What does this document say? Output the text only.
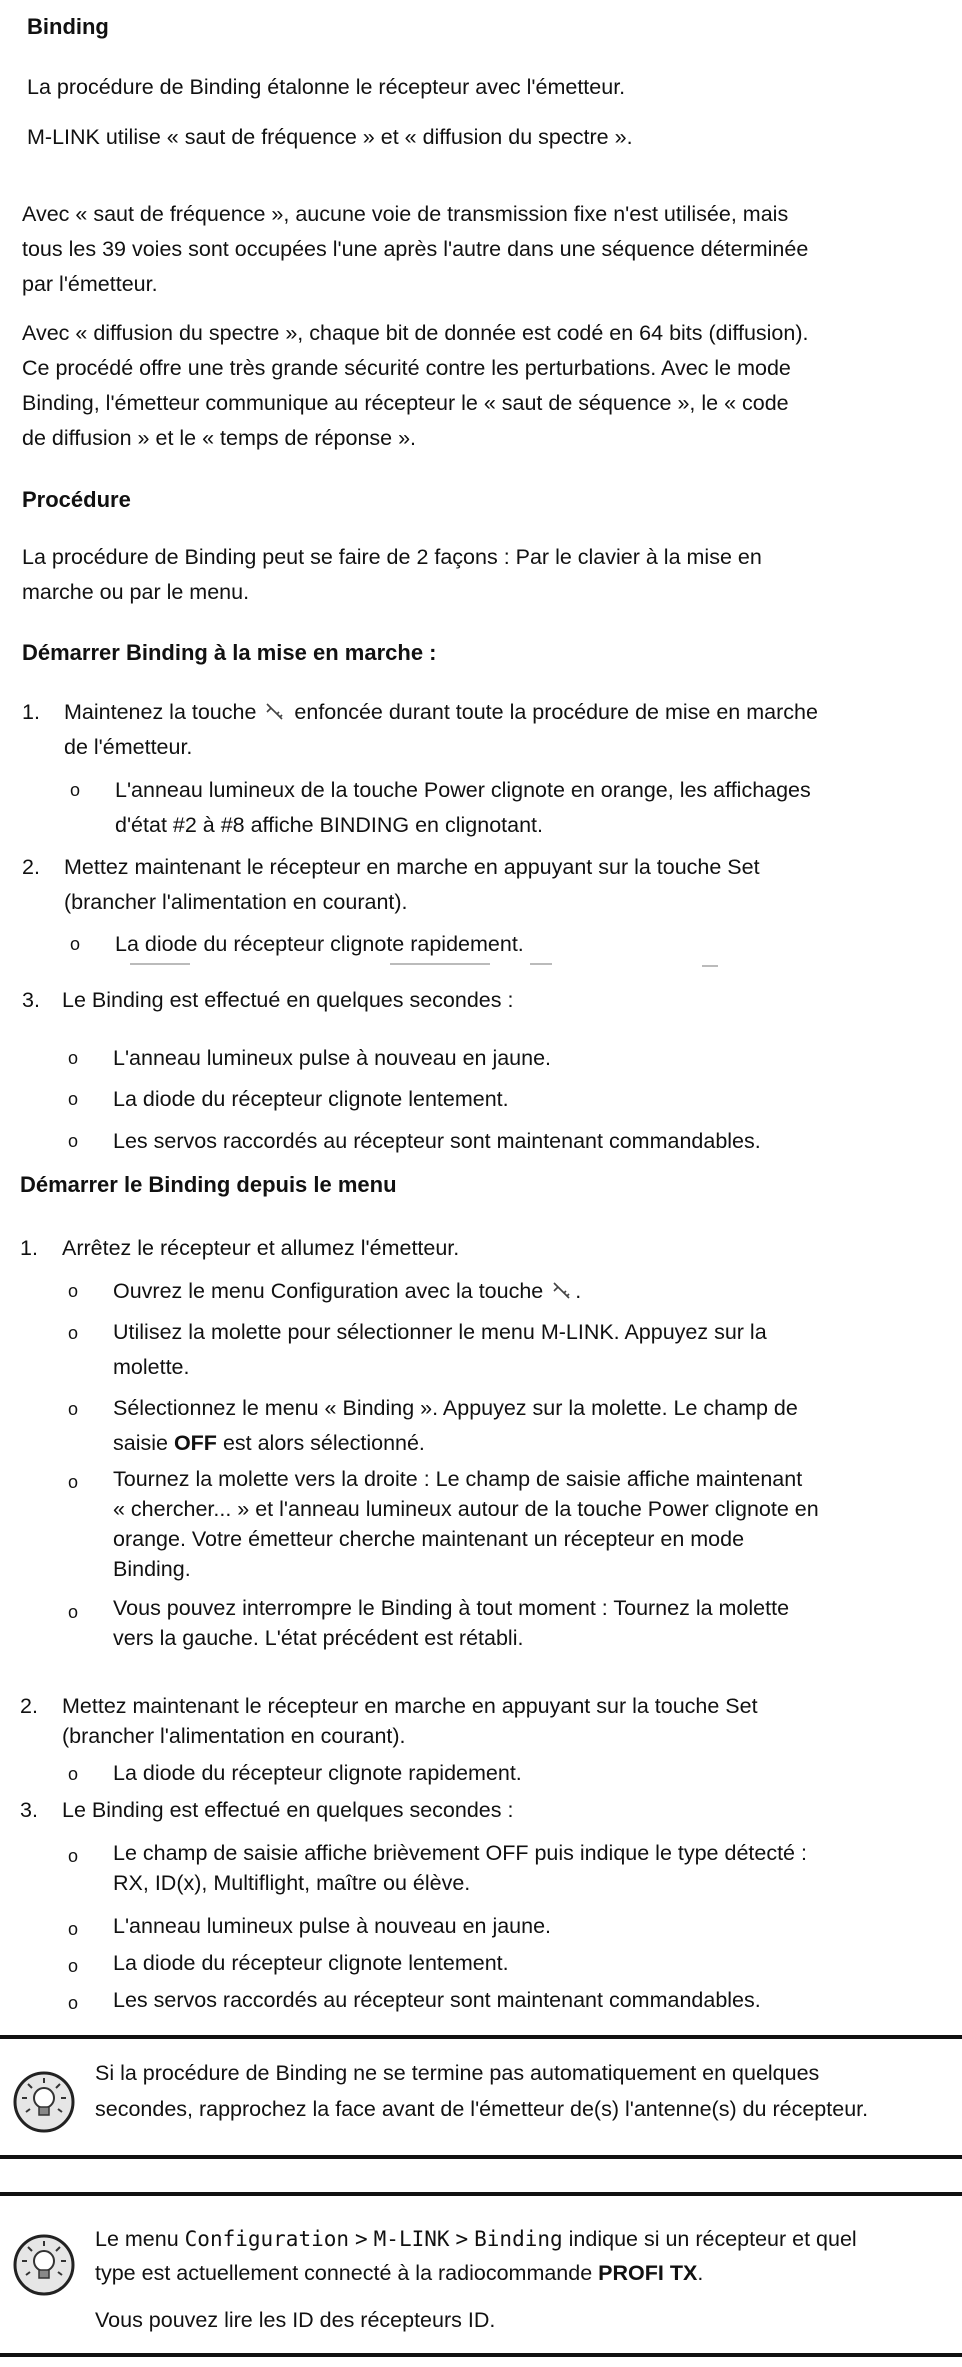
Binding
La procédure de Binding étalonne le récepteur avec l'émetteur.
M-LINK utilise « saut de fréquence » et « diffusion du spectre ».
Avec « saut de fréquence », aucune voie de transmission fixe n'est utilisée, mais
tous les 39 voies sont occupées l'une après l'autre dans une séquence déterminée
par l'émetteur.
Avec « diffusion du spectre », chaque bit de donnée est codé en 64 bits (diffusion).
Ce procédé offre une très grande sécurité contre les perturbations. Avec le mode
Binding, l'émetteur communique au récepteur le « saut de séquence », le « code
de diffusion » et le « temps de réponse ».
Procédure
La procédure de Binding peut se faire de 2 façons : Par le clavier à la mise en
marche ou par le menu.
Démarrer Binding à la mise en marche :
1. Maintenez la touche enfoncée durant toute la procédure de mise en marche
de l'émetteur.
o L'anneau lumineux de la touche Power clignote en orange, les affichages
d'état #2 à #8 affiche BINDING en clignotant.
2. Mettez maintenant le récepteur en marche en appuyant sur la touche Set
(brancher l'alimentation en courant).
o La diode du récepteur clignote rapidement.
3. Le Binding est effectué en quelques secondes :
o L'anneau lumineux pulse à nouveau en jaune.
o La diode du récepteur clignote lentement.
o Les servos raccordés au récepteur sont maintenant commandables.
Démarrer le Binding depuis le menu
1. Arrêtez le récepteur et allumez l'émetteur.
o Ouvrez le menu Configuration avec la touche .
o Utilisez la molette pour sélectionner le menu M-LINK. Appuyez sur la
molette.
o Sélectionnez le menu « Binding ». Appuyez sur la molette. Le champ de
saisie OFF est alors sélectionné.
o Tournez la molette vers la droite : Le champ de saisie affiche maintenant
« chercher... » et l'anneau lumineux autour de la touche Power clignote en
orange. Votre émetteur cherche maintenant un récepteur en mode
Binding.
o Vous pouvez interrompre le Binding à tout moment : Tournez la molette
vers la gauche. L'état précédent est rétabli.
2. Mettez maintenant le récepteur en marche en appuyant sur la touche Set
(brancher l'alimentation en courant).
o La diode du récepteur clignote rapidement.
3. Le Binding est effectué en quelques secondes :
o Le champ de saisie affiche brièvement OFF puis indique le type détecté :
RX, ID(x), Multiflight, maître ou élève.
o L'anneau lumineux pulse à nouveau en jaune.
o La diode du récepteur clignote lentement.
o Les servos raccordés au récepteur sont maintenant commandables.
Si la procédure de Binding ne se termine pas automatiquement en quelques
secondes, rapprochez la face avant de l'émetteur de(s) l'antenne(s) du récepteur.
Le menu Configuration > M-LINK > Binding indique si un récepteur et quel
type est actuellement connecté à la radiocommande PROFI TX.
Vous pouvez lire les ID des récepteurs ID.
